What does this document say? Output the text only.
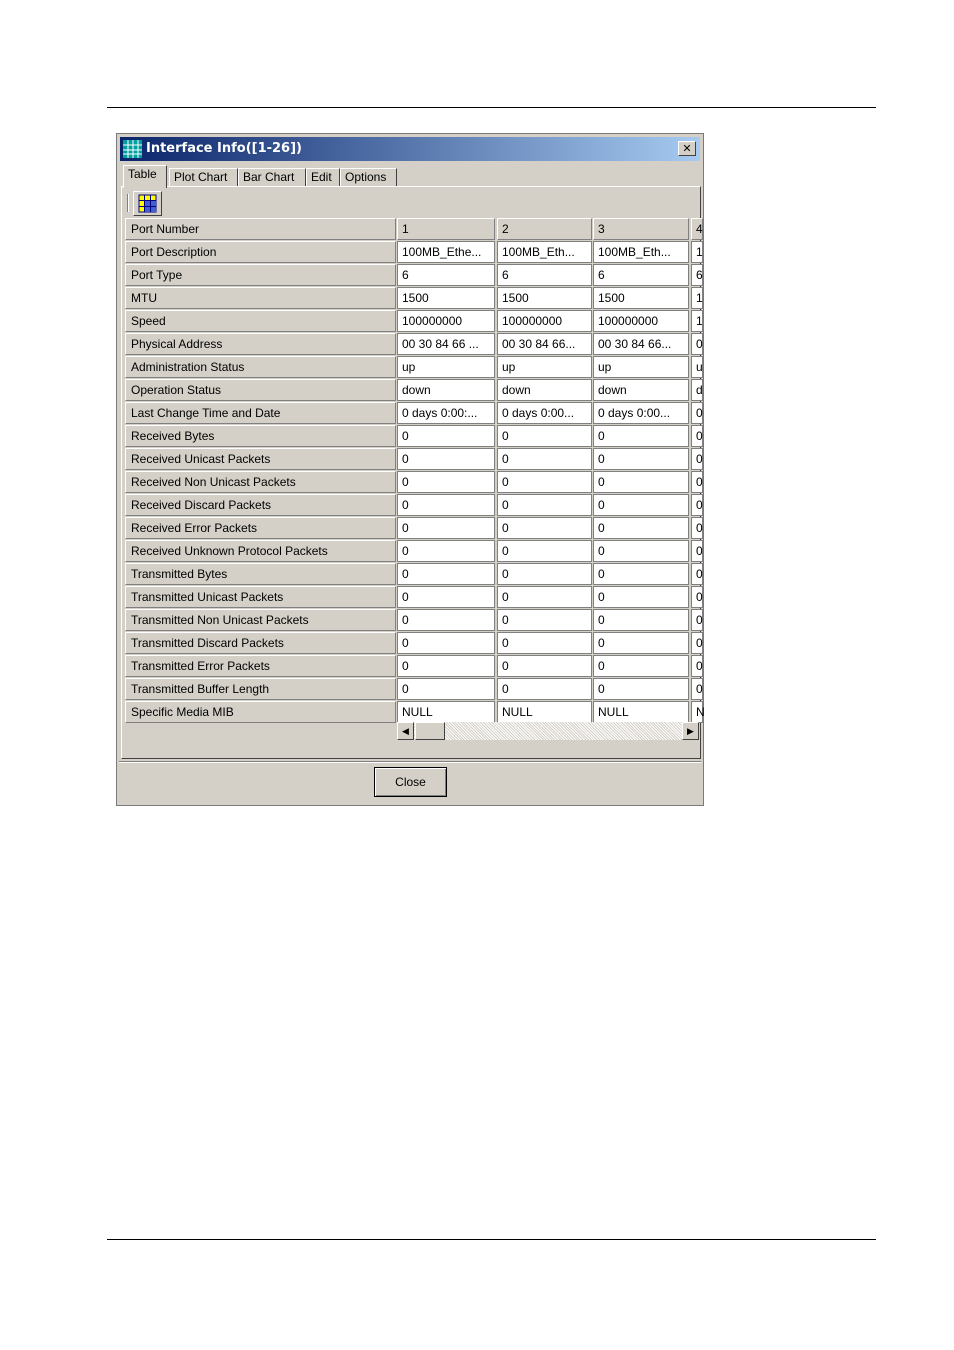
Interface Info([1-26])	✕
Table	Plot Chart	Bar Chart	Edit	Options
Port Number	1	2	3	4
Port Description	100MB_Ethe...	100MB_Eth...	100MB_Eth...	1
Port Type	6	6	6	6
MTU	1500	1500	1500	1
Speed	100000000	100000000	100000000	1
Physical Address	00 30 84 66 ...	00 30 84 66...	00 30 84 66...	0
Administration Status	up	up	up	u
Operation Status	down	down	down	d
Last Change Time and Date	0 days 0:00:...	0 days 0:00...	0 days 0:00...	0
Received Bytes	0	0	0	0
Received Unicast Packets	0	0	0	0
Received Non Unicast Packets	0	0	0	0
Received Discard Packets	0	0	0	0
Received Error Packets	0	0	0	0
Received Unknown Protocol Packets	0	0	0	0
Transmitted Bytes	0	0	0	0
Transmitted Unicast Packets	0	0	0	0
Transmitted Non Unicast Packets	0	0	0	0
Transmitted Discard Packets	0	0	0	0
Transmitted Error Packets	0	0	0	0
Transmitted Buffer Length	0	0	0	0
Specific Media MIB	NULL	NULL	NULL	N
◀	▶
Close
